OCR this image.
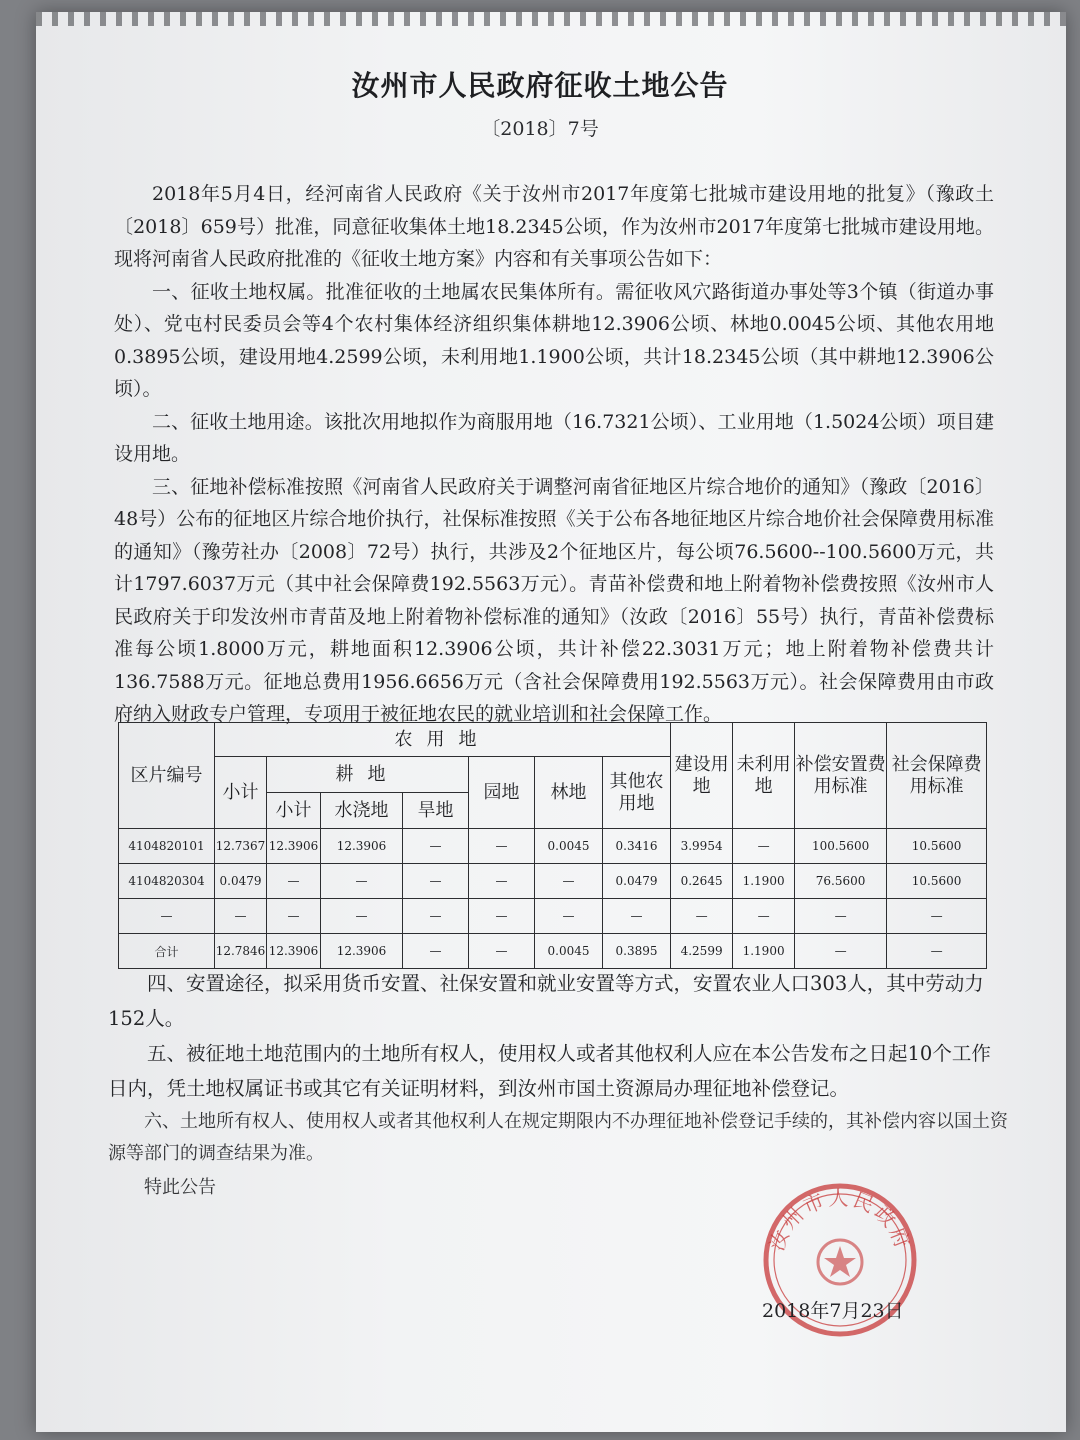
汝州市人民政府征收土地公告
〔2018〕7号

2018年5月4日，经河南省人民政府《关于汝州市2017年度第七批城市建设用地的批复》（豫政土〔2018〕659号）批准，同意征收集体土地18.2345公顷，作为汝州市2017年度第七批城市建设用地。现将河南省人民政府批准的《征收土地方案》内容和有关事项公告如下：

一、征收土地权属。批准征收的土地属农民集体所有。需征收风穴路街道办事处等3个镇（街道办事处）、党屯村民委员会等4个农村集体经济组织集体耕地12.3906公顷、林地0.0045公顷、其他农用地0.3895公顷，建设用地4.2599公顷，未利用地1.1900公顷，共计18.2345公顷（其中耕地12.3906公顷）。

二、征收土地用途。该批次用地拟作为商服用地（16.7321公顷）、工业用地（1.5024公顷）项目建设用地。

三、征地补偿标准按照《河南省人民政府关于调整河南省征地区片综合地价的通知》（豫政〔2016〕48号）公布的征地区片综合地价执行，社保标准按照《关于公布各地征地区片综合地价社会保障费用标准的通知》（豫劳社办〔2008〕72号）执行，共涉及2个征地区片，每公顷76.5600--100.5600万元，共计1797.6037万元（其中社会保障费192.5563万元）。青苗补偿费和地上附着物补偿费按照《汝州市人民政府关于印发汝州市青苗及地上附着物补偿标准的通知》（汝政〔2016〕55号）执行，青苗补偿费标准每公顷1.8000万元，耕地面积12.3906公顷，共计补偿22.3031万元；地上附着物补偿费共计136.7588万元。征地总费用1956.6656万元（含社会保障费用192.5563万元）。社会保障费用由市政府纳入财政专户管理，专项用于被征地农民的就业培训和社会保障工作。

区片编号	农用地							建设用地	未利用地	补偿安置费用标准	社会保障费用标准
	小计	耕地			园地	林地	其他农用地				
		小计	水浇地	旱地							
4104820101	12.7367	12.3906	12.3906	—	—	0.0045	0.3416	3.9954	—	100.5600	10.5600
4104820304	0.0479	—	—	—	—	—	0.0479	0.2645	1.1900	76.5600	10.5600
—	—	—	—	—	—	—	—	—	—	—	—
合计	12.7846	12.3906	12.3906	—	—	0.0045	0.3895	4.2599	1.1900	—	—

四、安置途径，拟采用货币安置、社保安置和就业安置等方式，安置农业人口303人，其中劳动力152人。

五、被征地土地范围内的土地所有权人，使用权人或者其他权利人应在本公告发布之日起10个工作日内，凭土地权属证书或其它有关证明材料，到汝州市国土资源局办理征地补偿登记。

六、土地所有权人、使用权人或者其他权利人在规定期限内不办理征地补偿登记手续的，其补偿内容以国土资源等部门的调查结果为准。

特此公告

汝州市人民政府
2018年7月23日
